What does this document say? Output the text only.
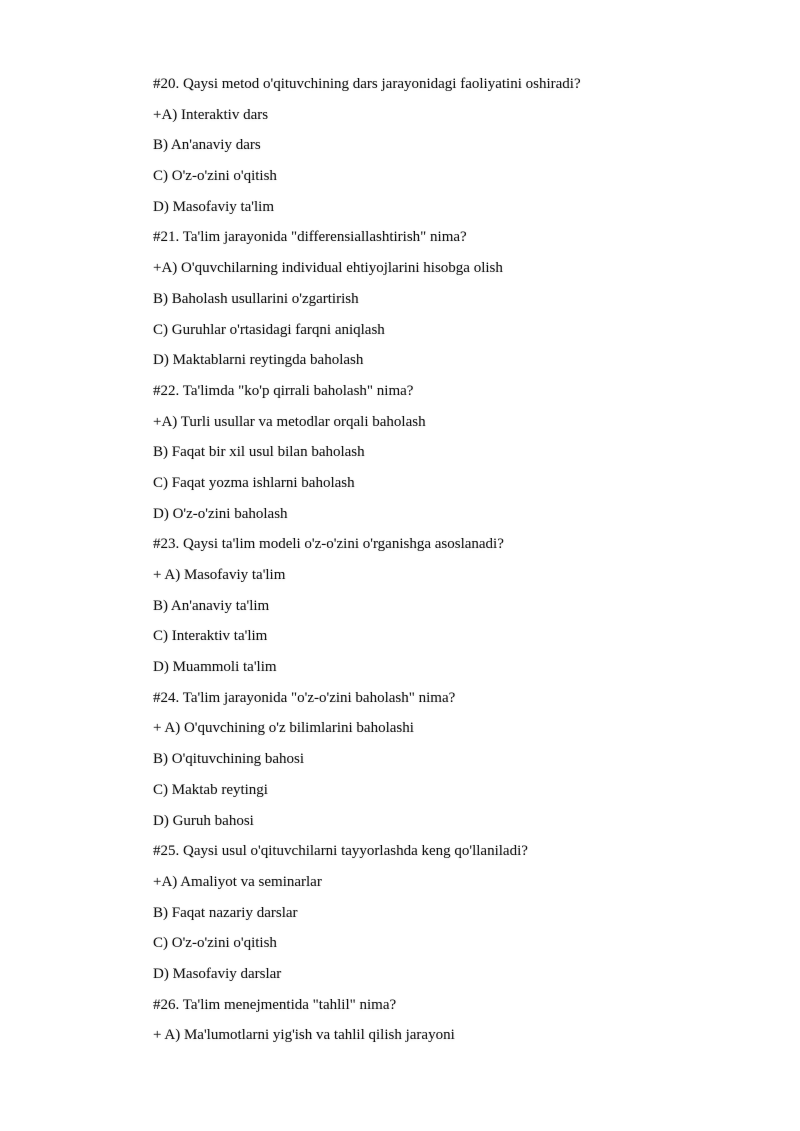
#20. Qaysi metod o'qituvchining dars jarayonidagi faoliyatini oshiradi?
+A) Interaktiv dars
B) An'anaviy dars
C) O'z-o'zini o'qitish
D) Masofaviy ta'lim
#21. Ta'lim jarayonida "differensiallashtirish" nima?
+A) O'quvchilarning individual ehtiyojlarini hisobga olish
B) Baholash usullarini o'zgartirish
C) Guruhlar o'rtasidagi farqni aniqlash
D) Maktablarni reytingda baholash
#22. Ta'limda "ko'p qirrali baholash" nima?
+A) Turli usullar va metodlar orqali baholash
B) Faqat bir xil usul bilan baholash
C) Faqat yozma ishlarni baholash
D) O'z-o'zini baholash
#23. Qaysi ta'lim modeli o'z-o'zini o'rganishga asoslanadi?
+ A) Masofaviy ta'lim
B) An'anaviy ta'lim
C) Interaktiv ta'lim
D) Muammoli ta'lim
#24. Ta'lim jarayonida "o'z-o'zini baholash" nima?
+ A) O'quvchining o'z bilimlarini baholashi
B) O'qituvchining bahosi
C) Maktab reytingi
D) Guruh bahosi
#25. Qaysi usul o'qituvchilarni tayyorlashda keng qo'llaniladi?
+A) Amaliyot va seminarlar
B) Faqat nazariy darslar
C) O'z-o'zini o'qitish
D) Masofaviy darslar
#26. Ta'lim menejmentida "tahlil" nima?
+ A) Ma'lumotlarni yig'ish va tahlil qilish jarayoni
